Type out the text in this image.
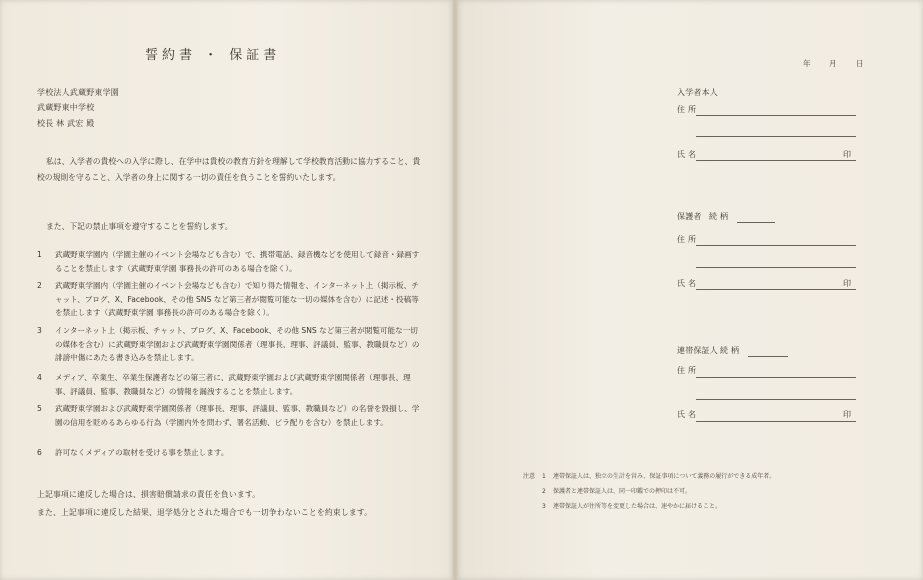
誓約書 ・ 保証書
学校法人武蔵野東学園
武蔵野東中学校
校長 林 武宏 殿
私は、入学者の貴校への入学に際し、在学中は貴校の教育方針を理解して学校教育活動に協力すること、貴校の規則を守ること、入学者の身上に関する一切の責任を負うことを誓約いたします。
また、下記の禁止事項を遵守することを誓約します。
1 武蔵野東学園内（学園主催のイベント会場なども含む）で、携帯電話、録音機などを使用して録音・録画することを禁止します（武蔵野東学園 事務長の許可のある場合を除く）。
2 武蔵野東学園内（学園主催のイベント会場なども含む）で知り得た情報を、インターネット上（掲示板、チャット、ブログ、X、Facebook、その他 SNS など第三者が閲覧可能な一切の媒体を含む）に記述・投稿等を禁止します（武蔵野東学園 事務長の許可のある場合を除く）。
3 インターネット上（掲示板、チャット、ブログ、X、Facebook、その他 SNS など第三者が閲覧可能な一切の媒体を含む）に武蔵野東学園および武蔵野東学園関係者（理事長、理事、評議員、監事、教職員など）の誹謗中傷にあたる書き込みを禁止します。
4 メディア、卒業生、卒業生保護者などの第三者に、武蔵野東学園および武蔵野東学園関係者（理事長、理事、評議員、監事、教職員など）の情報を漏洩することを禁止します。
5 武蔵野東学園および武蔵野東学園関係者（理事長、理事、評議員、監事、教職員など）の名誉を毀損し、学園の信用を貶めるあらゆる行為（学園内外を問わず、署名活動、ビラ配りを含む）を禁止します。
6 許可なくメディアの取材を受ける事を禁止します。
上記事項に違反した場合は、損害賠償請求の責任を負います。
また、上記事項に違反した結果、退学処分とされた場合でも一切争わないことを約束します。
年 月	日
入学者本人
住 所
氏 名	印
保護者 続 柄
住 所
氏 名	印
連帯保証人 続 柄
住 所
氏 名	印
注意 1 連帯保証人は、独立の生計を営み、保証事項について義務の履行ができる成年者。
2 保護者と連帯保証人は、同一印鑑での押印は不可。
3 連帯保証人が住所等を変更した場合は、速やかに届けること。
